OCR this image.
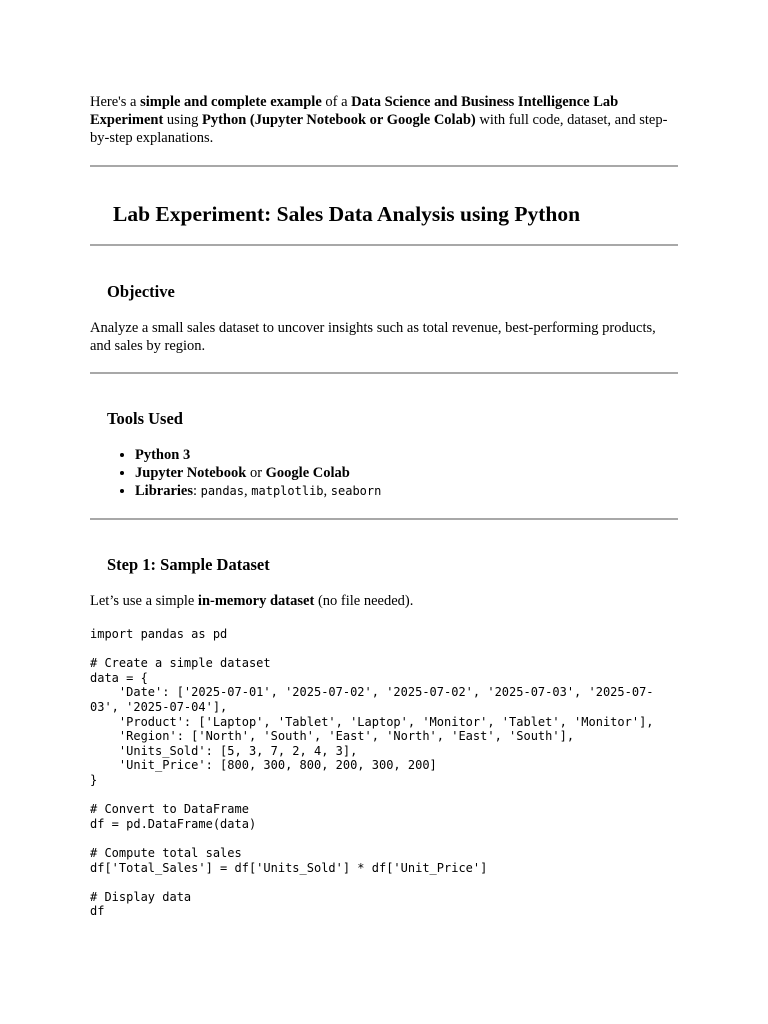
Here's a simple and complete example of a Data Science and Business Intelligence Lab Experiment using Python (Jupyter Notebook or Google Colab) with full code, dataset, and step-by-step explanations.

Lab Experiment: Sales Data Analysis using Python
Objective

Analyze a small sales dataset to uncover insights such as total revenue, best-performing products, and sales by region.

Tools Used
• Python 3
• Jupyter Notebook or Google Colab
• Libraries: pandas, matplotlib, seaborn
Step 1: Sample Dataset

Let’s use a simple in-memory dataset (no file needed).

import pandas as pd

# Create a simple dataset
data = {
'Date': ['2025-07-01', '2025-07-02', '2025-07-02', '2025-07-03', '2025-07-
03', '2025-07-04'],
'Product': ['Laptop', 'Tablet', 'Laptop', 'Monitor', 'Tablet', 'Monitor'],
'Region': ['North', 'South', 'East', 'North', 'East', 'South'],
'Units_Sold': [5, 3, 7, 2, 4, 3],
'Unit_Price': [800, 300, 800, 200, 300, 200]
}

# Convert to DataFrame
df = pd.DataFrame(data)

# Compute total sales
df['Total_Sales'] = df['Units_Sold'] * df['Unit_Price']

# Display data
df
